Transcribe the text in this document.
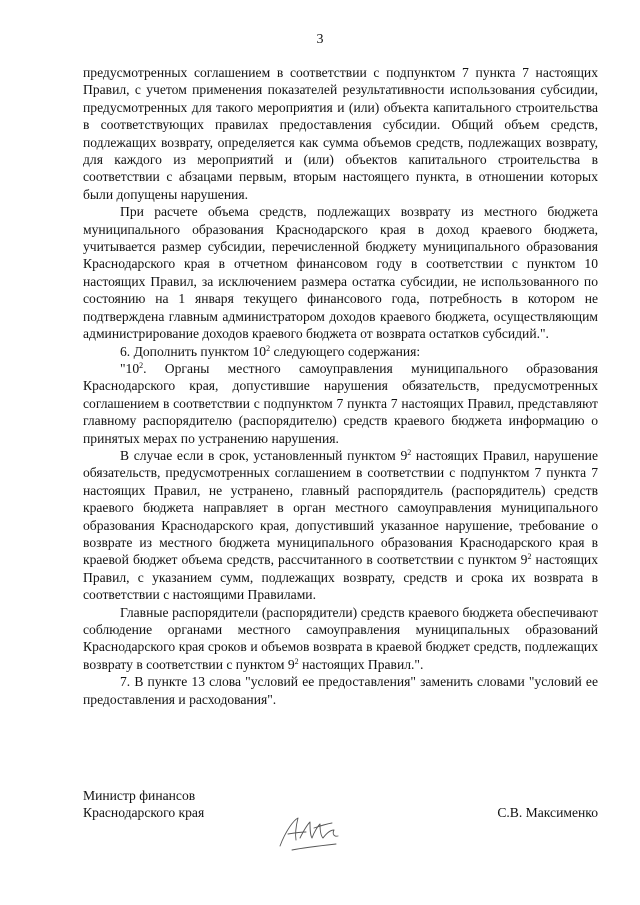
3

предусмотренных соглашением в соответствии с подпунктом 7 пункта 7 настоящих Правил, с учетом применения показателей результативности использования субсидии, предусмотренных для такого мероприятия и (или) объекта капитального строительства в соответствующих правилах предоставления субсидии. Общий объем средств, подлежащих возврату, определяется как сумма объемов средств, подлежащих возврату, для каждого из мероприятий и (или) объектов капитального строительства в соответствии с абзацами первым, вторым настоящего пункта, в отношении которых были допущены нарушения.

При расчете объема средств, подлежащих возврату из местного бюджета муниципального образования Краснодарского края в доход краевого бюджета, учитывается размер субсидии, перечисленной бюджету муниципального образования Краснодарского края в отчетном финансовом году в соответствии с пунктом 10 настоящих Правил, за исключением размера остатка субсидии, не использованного по состоянию на 1 января текущего финансового года, потребность в котором не подтверждена главным администратором доходов краевого бюджета, осуществляющим администрирование доходов краевого бюджета от возврата остатков субсидий.".

6. Дополнить пунктом $10^2$ следующего содержания:

"$10^2$. Органы местного самоуправления муниципального образования Краснодарского края, допустившие нарушения обязательств, предусмотренных соглашением в соответствии с подпунктом 7 пункта 7 настоящих Правил, представляют главному распорядителю (распорядителю) средств краевого бюджета информацию о принятых мерах по устранению нарушения.

В случае если в срок, установленный пунктом $9^2$ настоящих Правил, нарушение обязательств, предусмотренных соглашением в соответствии с подпунктом 7 пункта 7 настоящих Правил, не устранено, главный распорядитель (распорядитель) средств краевого бюджета направляет в орган местного самоуправления муниципального образования Краснодарского края, допустивший указанное нарушение, требование о возврате из местного бюджета муниципального образования Краснодарского края в краевой бюджет объема средств, рассчитанного в соответствии с пунктом $9^2$ настоящих Правил, с указанием сумм, подлежащих возврату, средств и срока их возврата в соответствии с настоящими Правилами.

Главные распорядители (распорядители) средств краевого бюджета обеспечивают соблюдение органами местного самоуправления муниципальных образований Краснодарского края сроков и объемов возврата в краевой бюджет средств, подлежащих возврату в соответствии с пунктом $9^2$ настоящих Правил.".

7. В пункте 13 слова "условий ее предоставления" заменить словами "условий ее предоставления и расходования".

Министр финансов
Краснодарского края	С.В. Максименко
